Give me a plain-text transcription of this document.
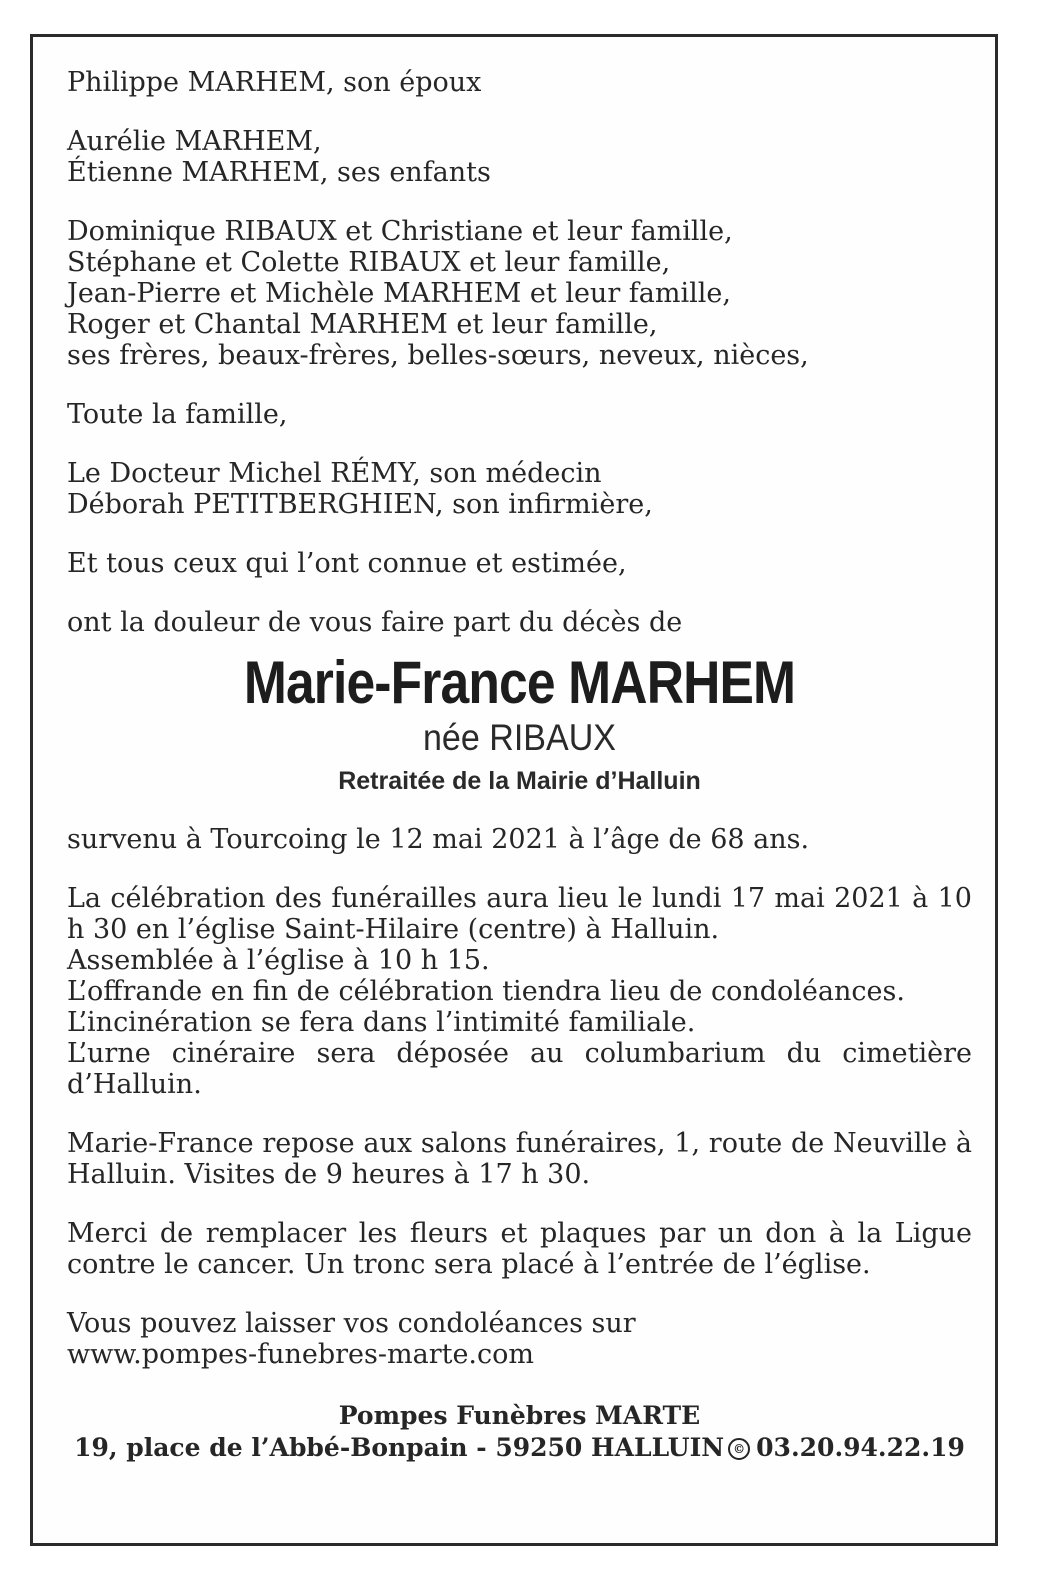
Philippe MARHEM, son époux

Aurélie MARHEM,

Étienne MARHEM, ses enfants

Dominique RIBAUX et Christiane et leur famille,

Stéphane et Colette RIBAUX et leur famille,

Jean-Pierre et Michèle MARHEM et leur famille,

Roger et Chantal MARHEM et leur famille,

ses frères, beaux-frères, belles-sœurs, neveux, nièces,

Toute la famille,

Le Docteur Michel RÉMY, son médecin

Déborah PETITBERGHIEN, son infirmière,

Et tous ceux qui l’ont connue et estimée,

ont la douleur de vous faire part du décès de

Marie-France MARHEM
née RIBAUX
Retraitée de la Mairie d’Halluin

survenu à Tourcoing le 12 mai 2021 à l’âge de 68 ans.

La célébration des funérailles aura lieu le lundi 17 mai 2021 à 10 h 30 en l’église Saint-Hilaire (centre) à Halluin.

Assemblée à l’église à 10 h 15.

L’offrande en fin de célébration tiendra lieu de condoléances.

L’incinération se fera dans l’intimité familiale.

L’urne cinéraire sera déposée au columbarium du cimetière d’Halluin.

Marie-France repose aux salons funéraires, 1, route de Neuville à Halluin. Visites de 9 heures à 17 h 30.

Merci de remplacer les fleurs et plaques par un don à la Ligue contre le cancer. Un tronc sera placé à l’entrée de l’église.

Vous pouvez laisser vos condoléances sur

www.pompes-funebres-marte.com

Pompes Funèbres MARTE
19, place de l’Abbé-Bonpain - 59250 HALLUIN © 03.20.94.22.19
